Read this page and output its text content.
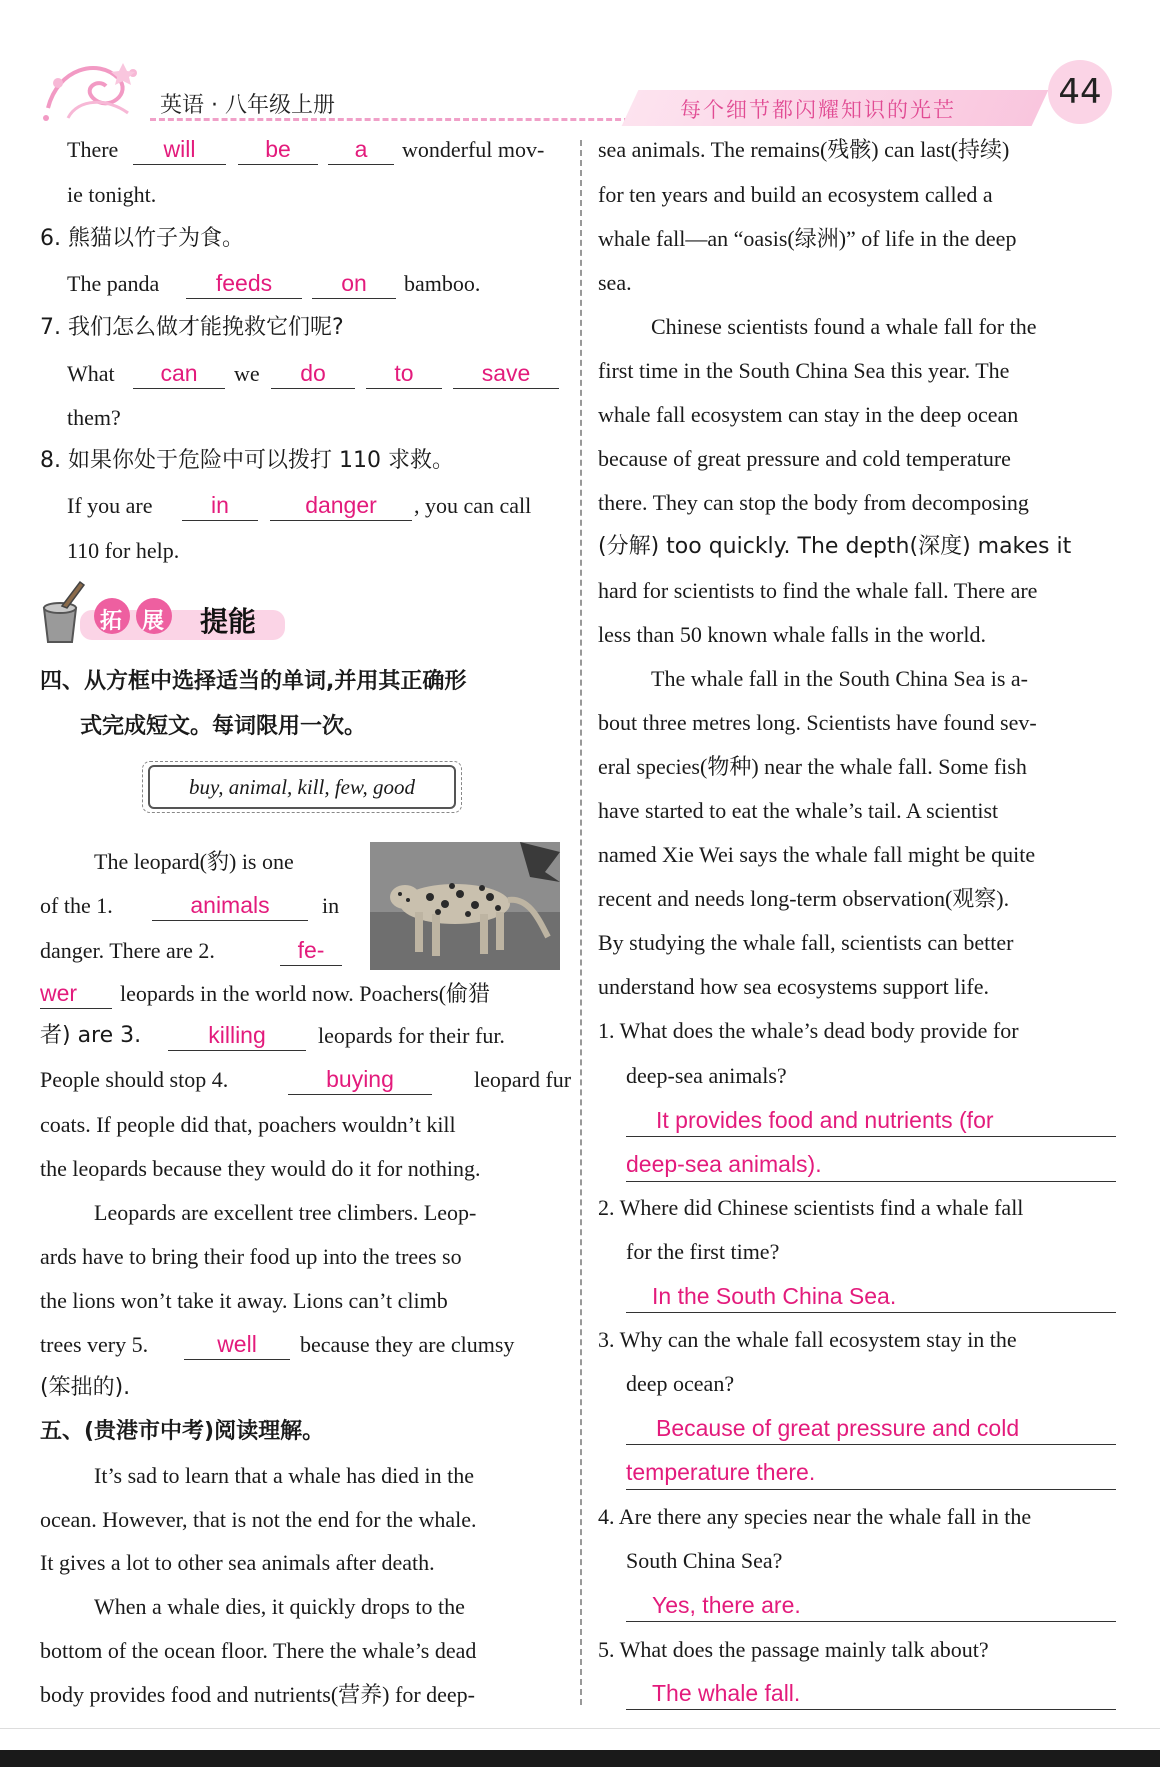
英语 · 八年级上册	每个细节都闪耀知识的光芒	44
There	will	be	a	wonderful mov-
ie tonight.
6. 熊猫以竹子为食。
The panda	feeds	on	bamboo.
7. 我们怎么做才能挽救它们呢?
What	can	we	do	to	save
them?
8. 如果你处于危险中可以拨打 110 求救。
If you are	in	danger	, you can call
110 for help.
拓 展 提能
四、从方框中选择适当的单词,并用其正确形
式完成短文。每词限用一次。
buy, animal, kill, few, good
The leopard(豹) is one
of the 1.	animals	in
danger. There are 2.	fe-
wer	leopards in the world now. Poachers(偷猎
者) are 3.	killing	leopards for their fur.
People should stop 4.	buying	leopard fur
coats. If people did that, poachers wouldn’t kill
the leopards because they would do it for nothing.
Leopards are excellent tree climbers. Leop-
ards have to bring their food up into the trees so
the lions won’t take it away. Lions can’t climb
trees very 5.	well	because they are clumsy
(笨拙的).
五、(贵港市中考)阅读理解。
It’s sad to learn that a whale has died in the
ocean. However, that is not the end for the whale.
It gives a lot to other sea animals after death.
When a whale dies, it quickly drops to the
bottom of the ocean floor. There the whale’s dead
body provides food and nutrients(营养) for deep-
sea animals. The remains(残骸) can last(持续)
for ten years and build an ecosystem called a
whale fall—an “oasis(绿洲)” of life in the deep
sea.
Chinese scientists found a whale fall for the
first time in the South China Sea this year. The
whale fall ecosystem can stay in the deep ocean
because of great pressure and cold temperature
there. They can stop the body from decomposing
(分解) too quickly. The depth(深度) makes it
hard for scientists to find the whale fall. There are
less than 50 known whale falls in the world.
The whale fall in the South China Sea is a-
bout three metres long. Scientists have found sev-
eral species(物种) near the whale fall. Some fish
have started to eat the whale’s tail. A scientist
named Xie Wei says the whale fall might be quite
recent and needs long-term observation(观察).
By studying the whale fall, scientists can better
understand how sea ecosystems support life.
1. What does the whale’s dead body provide for
deep-sea animals?
It provides food and nutrients (for
deep-sea animals).
2. Where did Chinese scientists find a whale fall
for the first time?
In the South China Sea.
3. Why can the whale fall ecosystem stay in the
deep ocean?
Because of great pressure and cold
temperature there.
4. Are there any species near the whale fall in the
South China Sea?
Yes, there are.
5. What does the passage mainly talk about?
The whale fall.
